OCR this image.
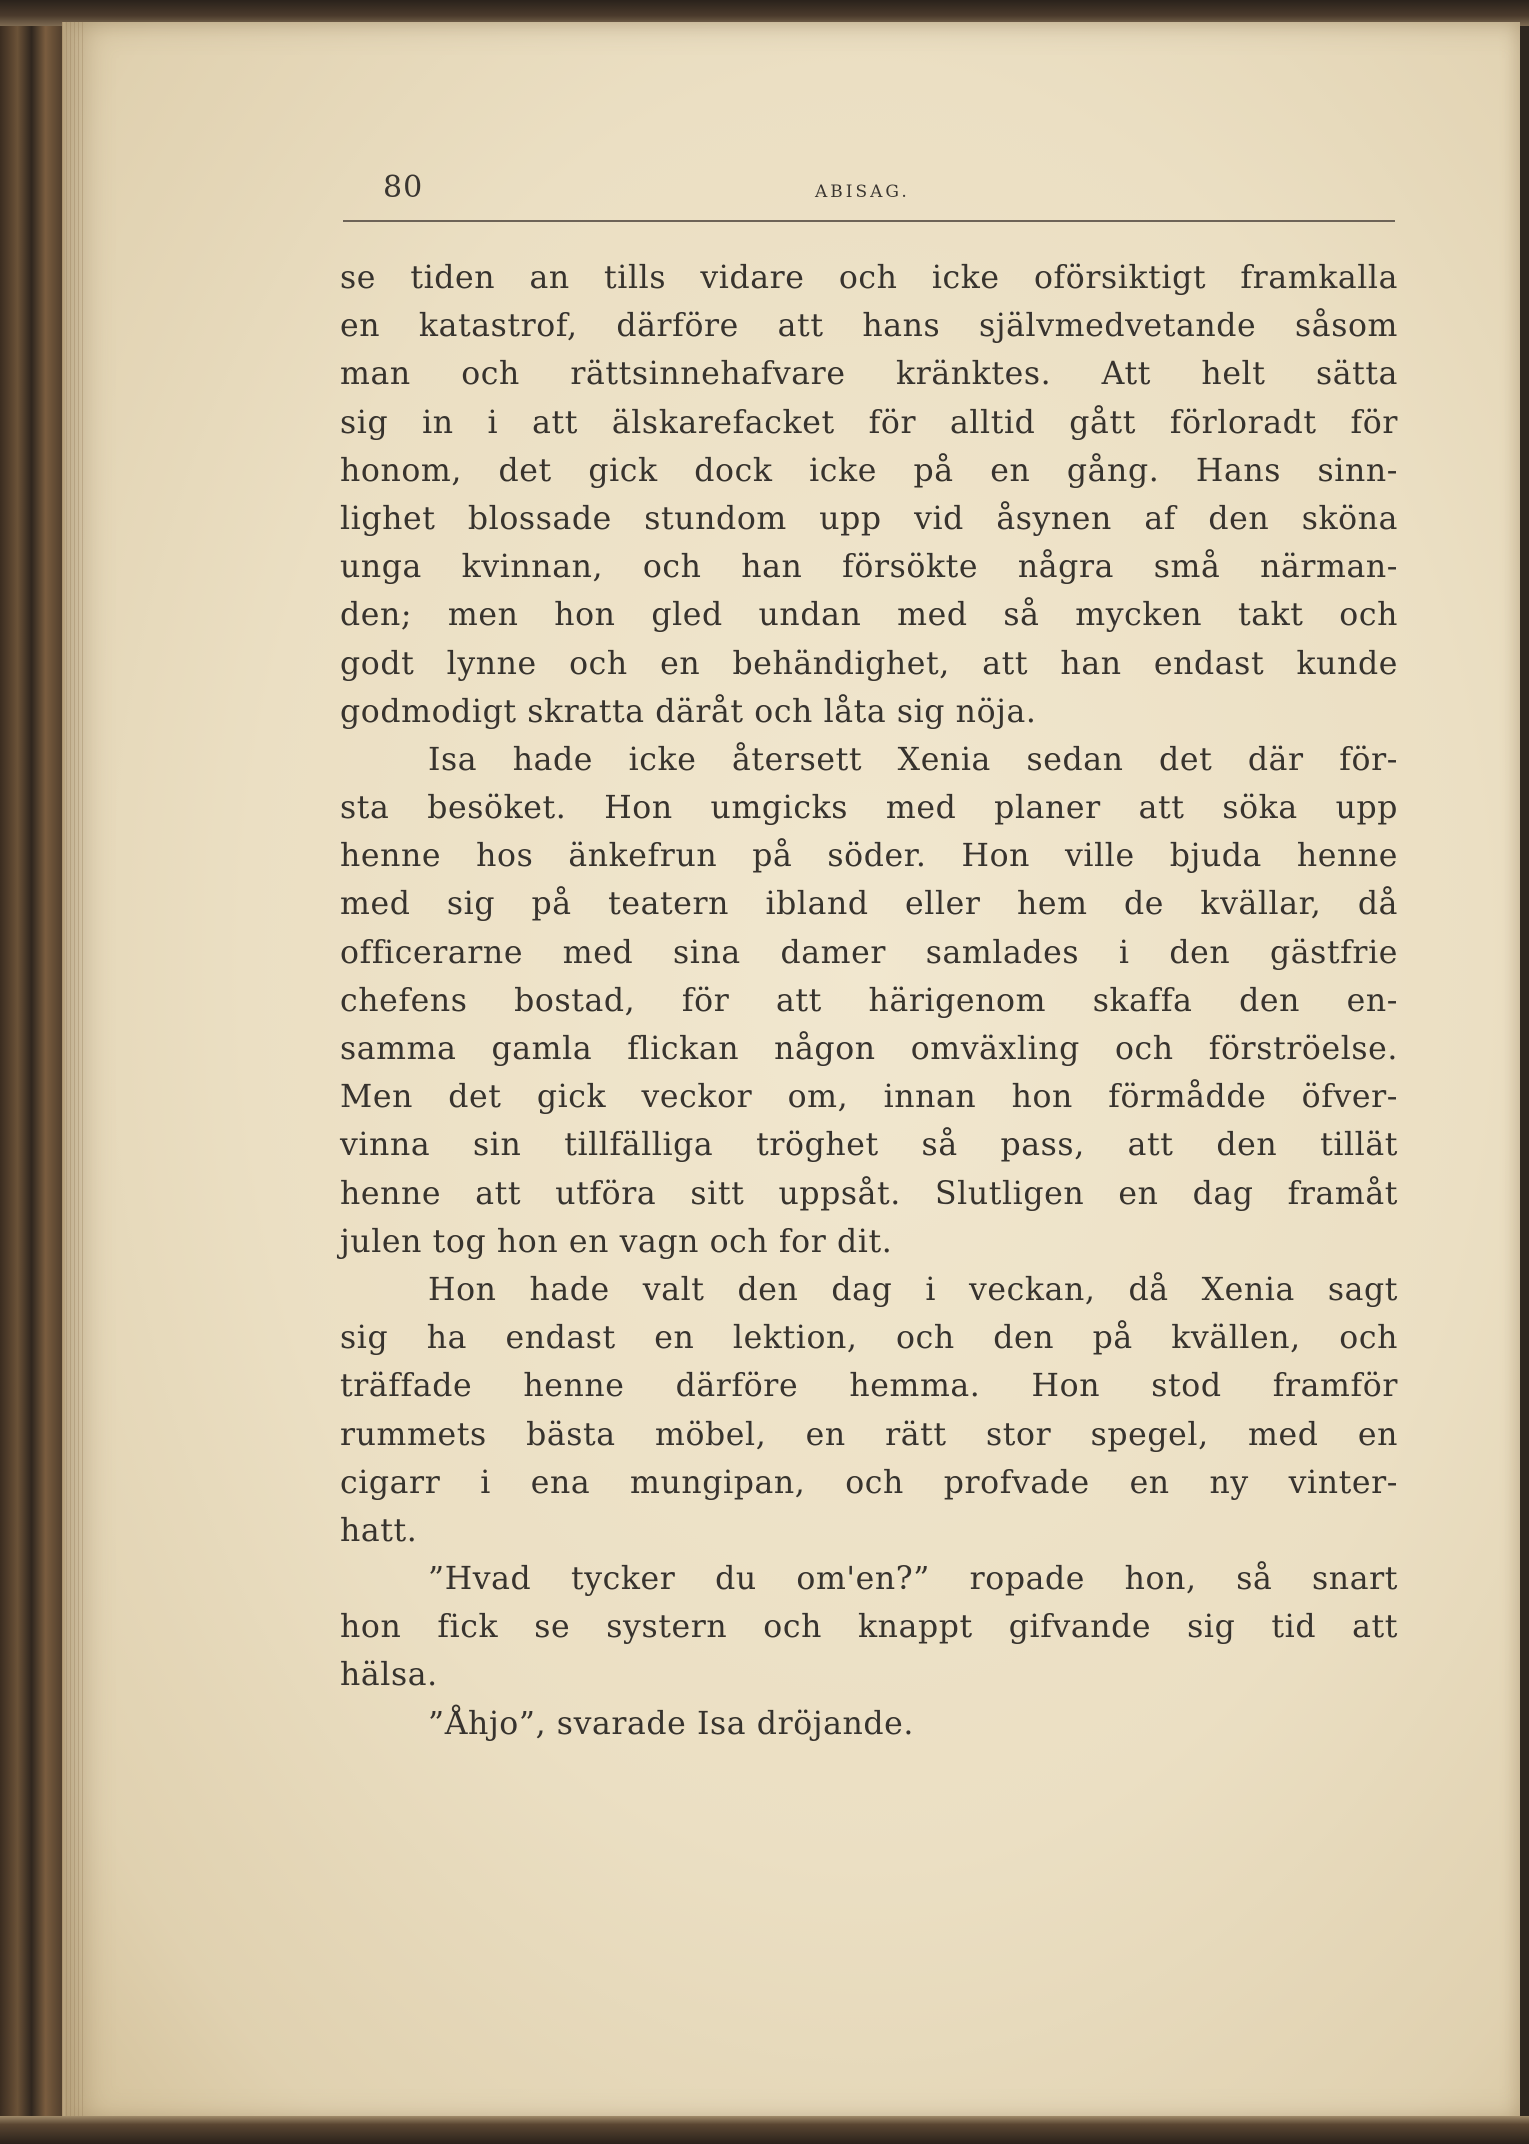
80	ABISAG.
se tiden an tills vidare och icke oförsiktigt framkalla
en katastrof, därföre att hans självmedvetande såsom
man och rättsinnehafvare kränktes. Att helt sätta
sig in i att älskarefacket för alltid gått förloradt för
honom, det gick dock icke på en gång. Hans sinn-
lighet blossade stundom upp vid åsynen af den sköna
unga kvinnan, och han försökte några små närman-
den; men hon gled undan med så mycken takt och
godt lynne och en behändighet, att han endast kunde
godmodigt skratta däråt och låta sig nöja.
Isa hade icke återsett Xenia sedan det där för-
sta besöket. Hon umgicks med planer att söka upp
henne hos änkefrun på söder. Hon ville bjuda henne
med sig på teatern ibland eller hem de kvällar, då
officerarne med sina damer samlades i den gästfrie
chefens bostad, för att härigenom skaffa den en-
samma gamla flickan någon omväxling och förströelse.
Men det gick veckor om, innan hon förmådde öfver-
vinna sin tillfälliga tröghet så pass, att den tillät
henne att utföra sitt uppsåt. Slutligen en dag framåt
julen tog hon en vagn och for dit.
Hon hade valt den dag i veckan, då Xenia sagt
sig ha endast en lektion, och den på kvällen, och
träffade henne därföre hemma. Hon stod framför
rummets bästa möbel, en rätt stor spegel, med en
cigarr i ena mungipan, och profvade en ny vinter-
hatt.
”Hvad tycker du om'en?” ropade hon, så snart
hon fick se systern och knappt gifvande sig tid att
hälsa.
”Åhjo”, svarade Isa dröjande.
